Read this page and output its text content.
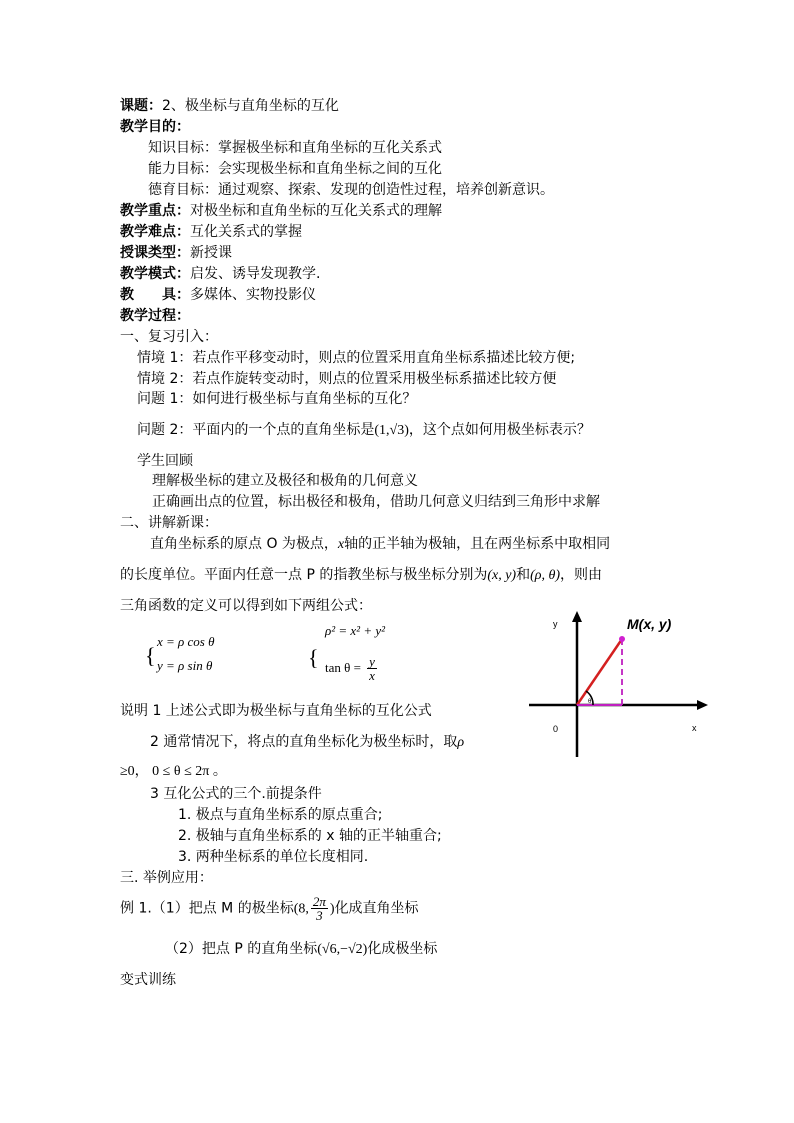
课题：2、极坐标与直角坐标的互化
教学目的：
知识目标：掌握极坐标和直角坐标的互化关系式
能力目标：会实现极坐标和直角坐标之间的互化
德育目标：通过观察、探索、发现的创造性过程，培养创新意识。
教学重点：对极坐标和直角坐标的互化关系式的理解
教学难点：互化关系式的掌握
授课类型：新授课
教学模式：启发、诱导发现教学.
教　　具：多媒体、实物投影仪
教学过程：
一、复习引入：
情境 1：若点作平移变动时，则点的位置采用直角坐标系描述比较方便;
情境 2：若点作旋转变动时，则点的位置采用极坐标系描述比较方便
问题 1：如何进行极坐标与直角坐标的互化？
问题 2：平面内的一个点的直角坐标是(1,√3)，这个点如何用极坐标表示？
学生回顾
理解极坐标的建立及极径和极角的几何意义
正确画出点的位置，标出极径和极角，借助几何意义归结到三角形中求解
二、讲解新课：
直角坐标系的原点 O 为极点，x轴的正半轴为极轴，且在两坐标系中取相同
的长度单位。平面内任意一点 P 的指教坐标与极坐标分别为(x, y)和(ρ, θ)，则由
三角函数的定义可以得到如下两组公式：
{
x = ρ cos θ
y = ρ sin θ	{
ρ² = x² + y²
$\tan \theta = \frac{y}{x}$
说明 1 上述公式即为极坐标与直角坐标的互化公式
2 通常情况下，将点的直角坐标化为极坐标时，取ρ
≥0， 0 ≤ θ ≤ 2π 。
3 互化公式的三个.前提条件
1. 极点与直角坐标系的原点重合;
2. 极轴与直角坐标系的 x 轴的正半轴重合;
3. 两种坐标系的单位长度相同.
三. 举例应用：
例 1.（1）把点 M 的极坐标(8, $\frac{2\pi}{3}$ )化成直角坐标
（2）把点 P 的直角坐标(√6,−√2)化成极坐标
变式训练
M(x, y)
y
x
0
θ
